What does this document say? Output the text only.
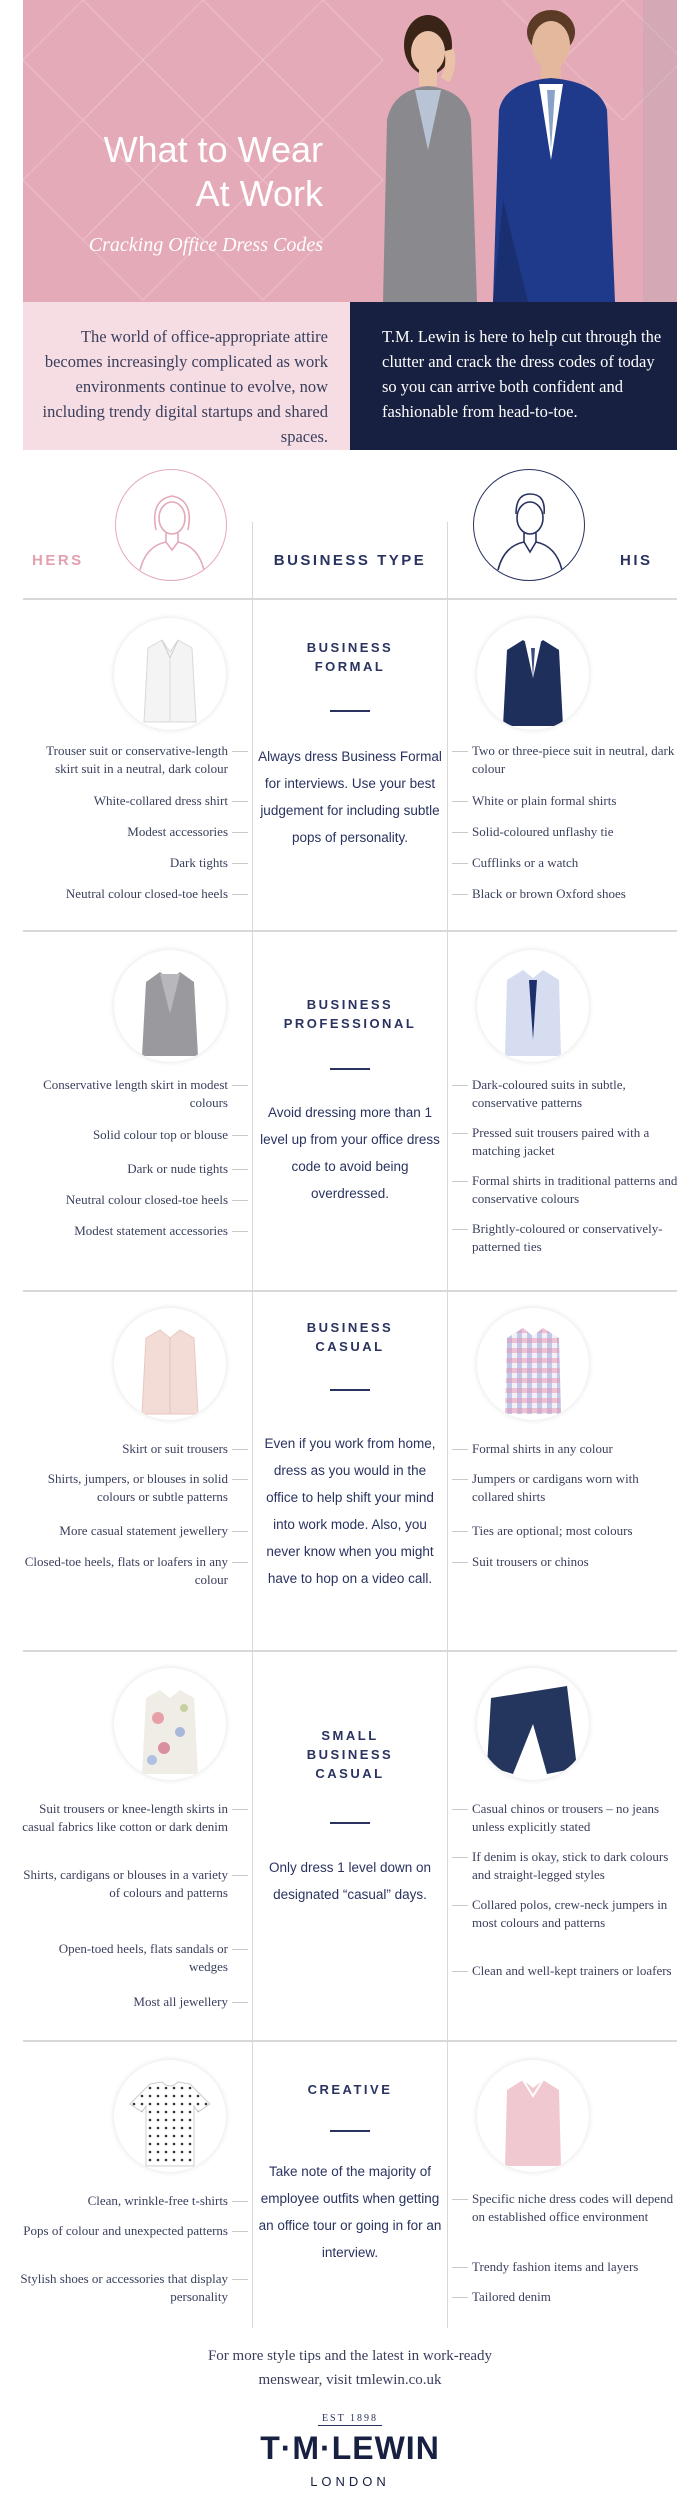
What to Wear
At Work
Cracking Office Dress Codes

The world of office-appropriate attire becomes increasingly complicated as work environments continue to evolve, now including trendy digital startups and shared spaces.

T.M. Lewin is here to help cut through the clutter and crack the dress codes of today so you can arrive both confident and fashionable from head-to-toe.

HERS	BUSINESS TYPE	HIS
BUSINESS
FORMAL
Always dress Business Formal for interviews. Use your best judgement for including subtle pops of personality.
Trouser suit or conservative-length skirt suit in a neutral, dark colour
White-collared dress shirt
Modest accessories
Dark tights
Neutral colour closed-toe heels
Two or three-piece suit in neutral, dark colour
White or plain formal shirts
Solid-coloured unflashy tie
Cufflinks or a watch
Black or brown Oxford shoes
BUSINESS
PROFESSIONAL
Avoid dressing more than 1 level up from your office dress code to avoid being overdressed.
Conservative length skirt in modest colours
Solid colour top or blouse
Dark or nude tights
Neutral colour closed-toe heels
Modest statement accessories
Dark-coloured suits in subtle, conservative patterns
Pressed suit trousers paired with a matching jacket
Formal shirts in traditional patterns and conservative colours
Brightly-coloured or conservatively-patterned ties
BUSINESS
CASUAL
Even if you work from home, dress as you would in the office to help shift your mind into work mode. Also, you never know when you might have to hop on a video call.
Skirt or suit trousers
Shirts, jumpers, or blouses in solid colours or subtle patterns
More casual statement jewellery
Closed-toe heels, flats or loafers in any colour
Formal shirts in any colour
Jumpers or cardigans worn with collared shirts
Ties are optional; most colours
Suit trousers or chinos
SMALL
BUSINESS
CASUAL
Only dress 1 level down on designated “casual” days.
Suit trousers or knee-length skirts in casual fabrics like cotton or dark denim
Shirts, cardigans or blouses in a variety of colours and patterns
Open-toed heels, flats sandals or wedges
Most all jewellery
Casual chinos or trousers – no jeans unless explicitly stated
If denim is okay, stick to dark colours and straight-legged styles
Collared polos, crew-neck jumpers in most colours and patterns
Clean and well-kept trainers or loafers
CREATIVE
Take note of the majority of employee outfits when getting an office tour or going in for an interview.
Clean, wrinkle-free t-shirts
Pops of colour and unexpected patterns
Stylish shoes or accessories that display personality
Specific niche dress codes will depend on established office environment
Trendy fashion items and layers
Tailored denim
For more style tips and the latest in work-ready
menswear, visit tmlewin.co.uk
EST 1898
T·M·LEWIN
LONDON
